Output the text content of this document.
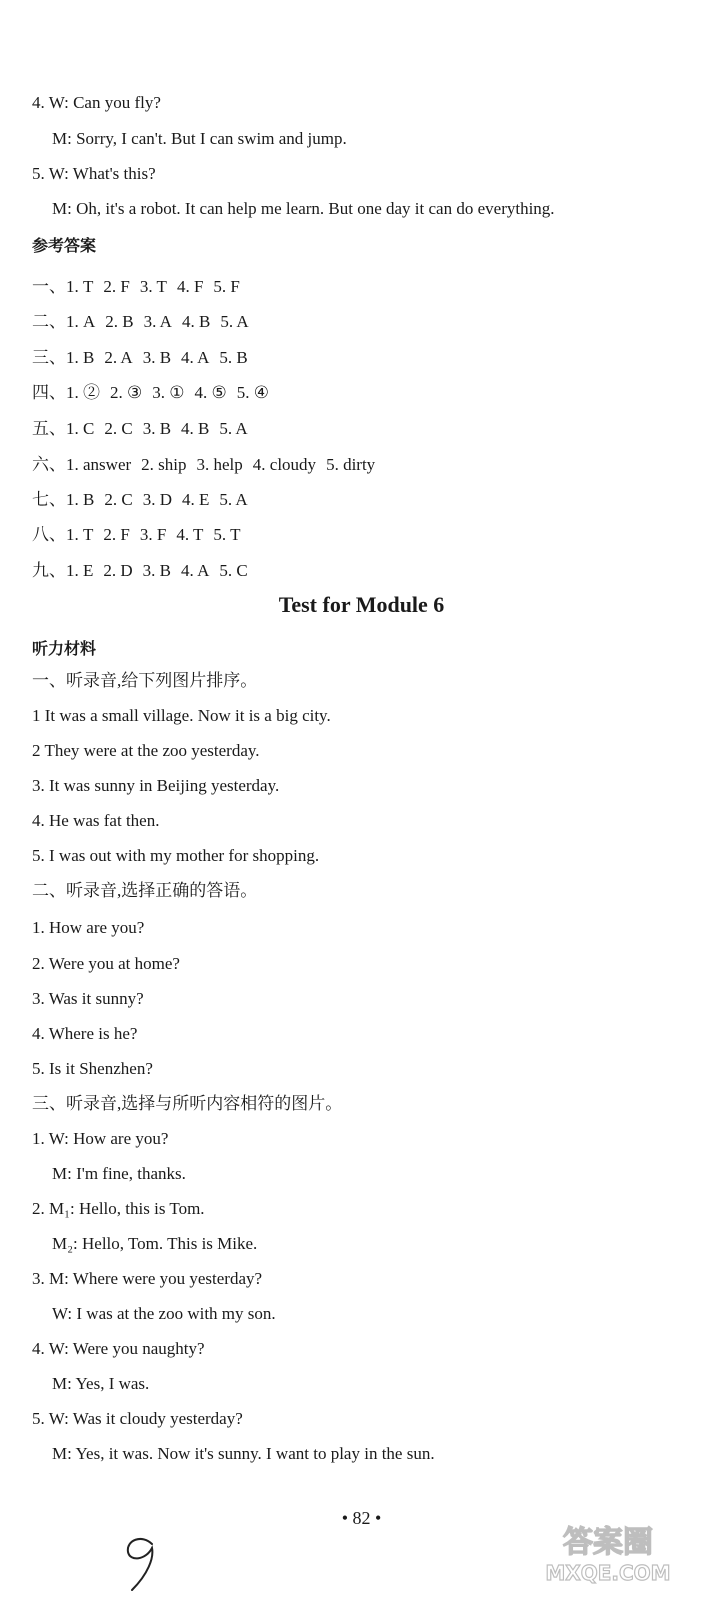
4. W: Can you fly?
M: Sorry, I can't. But I can swim and jump.
5. W: What's this?
M: Oh, it's a robot. It can help me learn. But one day it can do everything.
参考答案
一、1. T 2. F 3. T 4. F 5. F
二、1. A 2. B 3. A 4. B 5. A
三、1. B 2. A 3. B 4. A 5. B
四、1. ② 2. ③ 3. ① 4. ⑤ 5. ④
五、1. C 2. C 3. B 4. B 5. A
六、1. answer 2. ship 3. help 4. cloudy 5. dirty
七、1. B 2. C 3. D 4. E 5. A
八、1. T 2. F 3. F 4. T 5. T
九、1. E 2. D 3. B 4. A 5. C
Test for Module 6
听力材料
一、听录音,给下列图片排序。
1 It was a small village. Now it is a big city.
2 They were at the zoo yesterday.
3. It was sunny in Beijing yesterday.
4. He was fat then.
5. I was out with my mother for shopping.
二、听录音,选择正确的答语。
1. How are you?
2. Were you at home?
3. Was it sunny?
4. Where is he?
5. Is it Shenzhen?
三、听录音,选择与所听内容相符的图片。
1. W: How are you?
M: I'm fine, thanks.
2. M₁: Hello, this is Tom.
M₂: Hello, Tom. This is Mike.
3. M: Where were you yesterday?
W: I was at the zoo with my son.
4. W: Were you naughty?
M: Yes, I was.
5. W: Was it cloudy yesterday?
M: Yes, it was. Now it's sunny. I want to play in the sun.
• 82 •
答案圈
MXQE.COM
